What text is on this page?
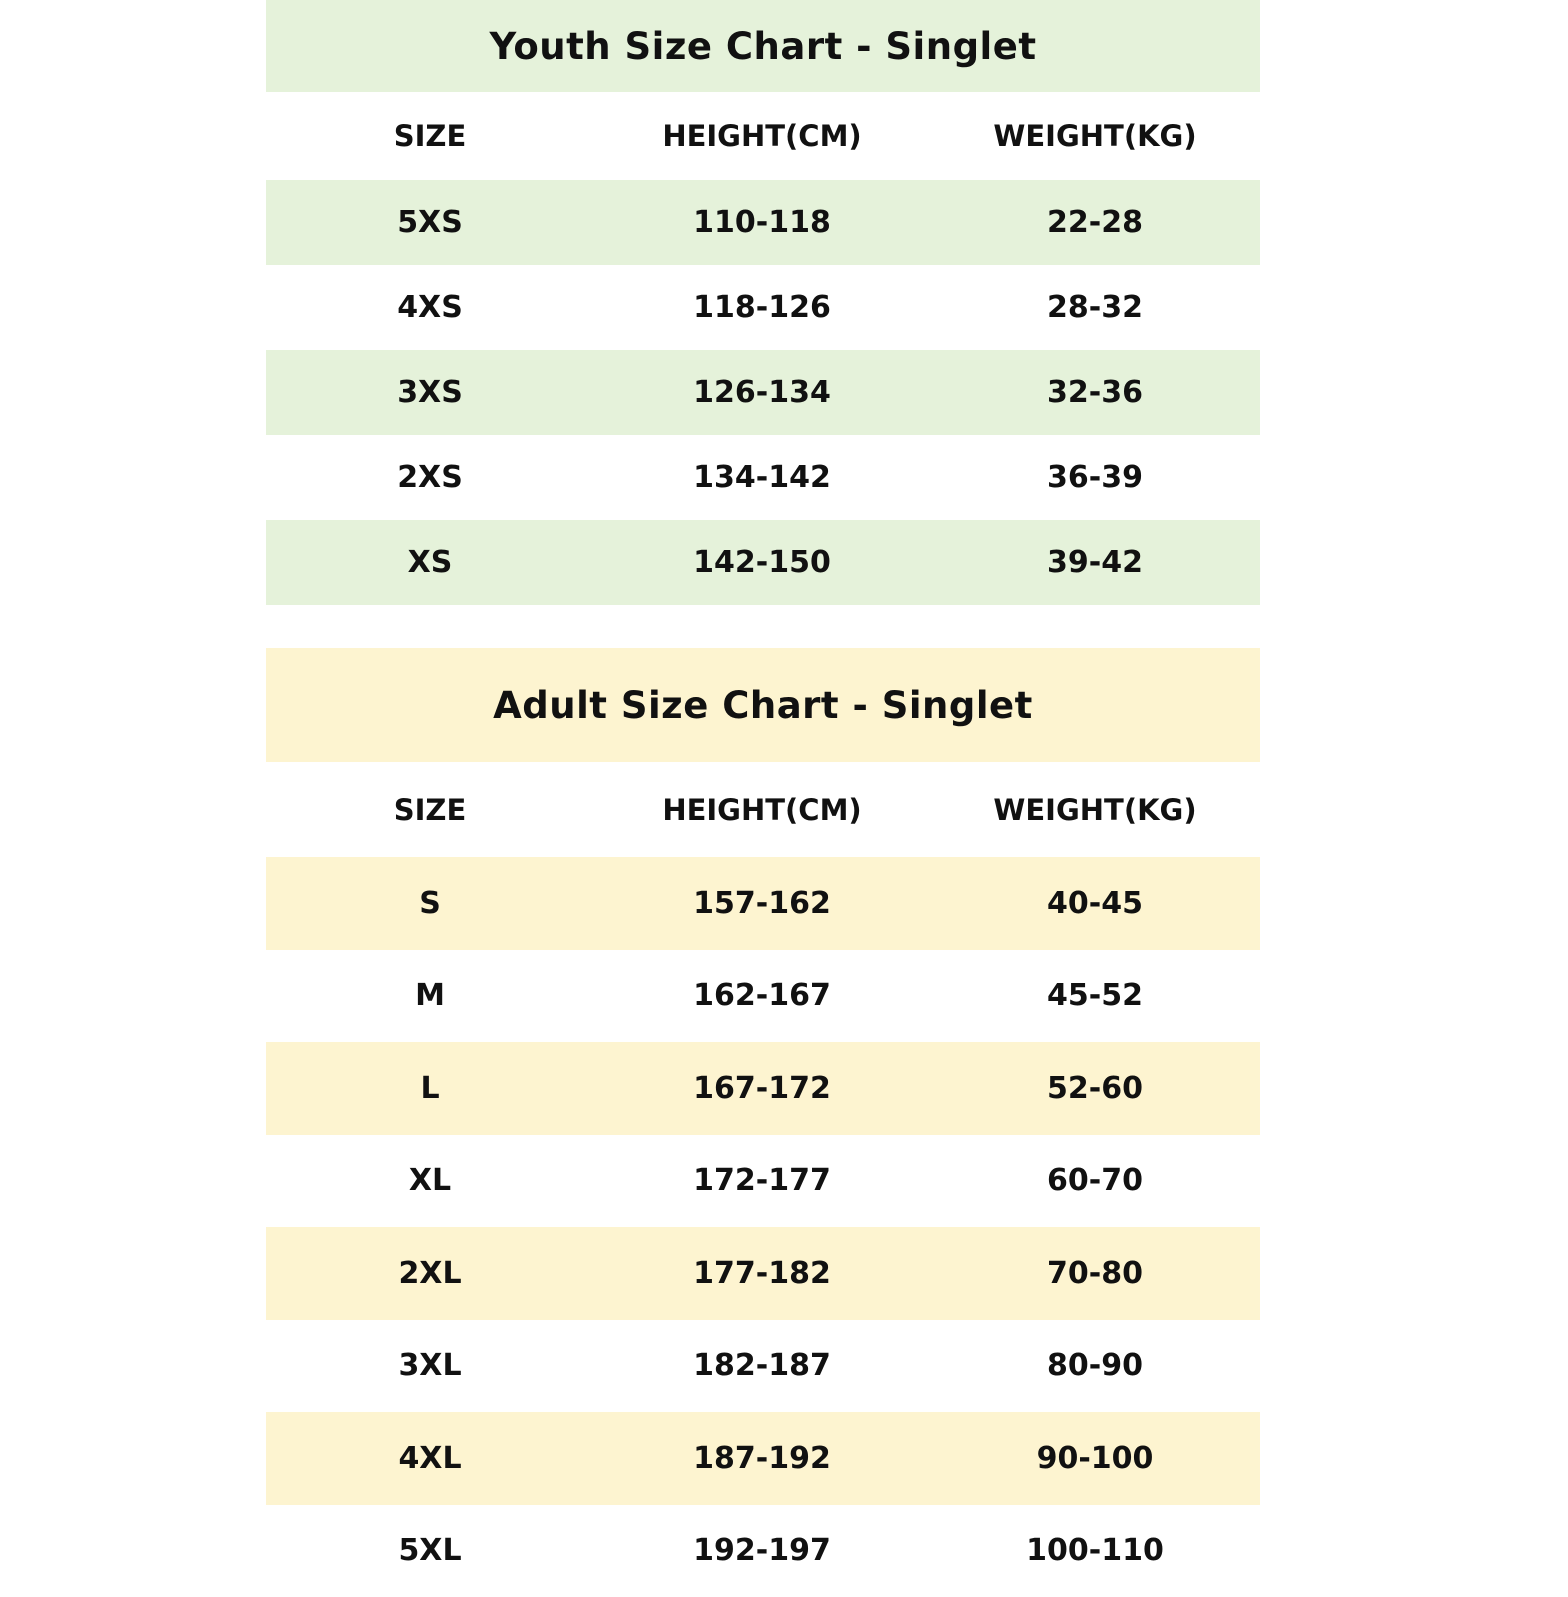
Youth Size Chart - Singlet
SIZE	HEIGHT(CM)	WEIGHT(KG)
5XS	110-118	22-28
4XS	118-126	28-32
3XS	126-134	32-36
2XS	134-142	36-39
XS	142-150	39-42
Adult Size Chart - Singlet
SIZE	HEIGHT(CM)	WEIGHT(KG)
S	157-162	40-45
M	162-167	45-52
L	167-172	52-60
XL	172-177	60-70
2XL	177-182	70-80
3XL	182-187	80-90
4XL	187-192	90-100
5XL	192-197	100-110
